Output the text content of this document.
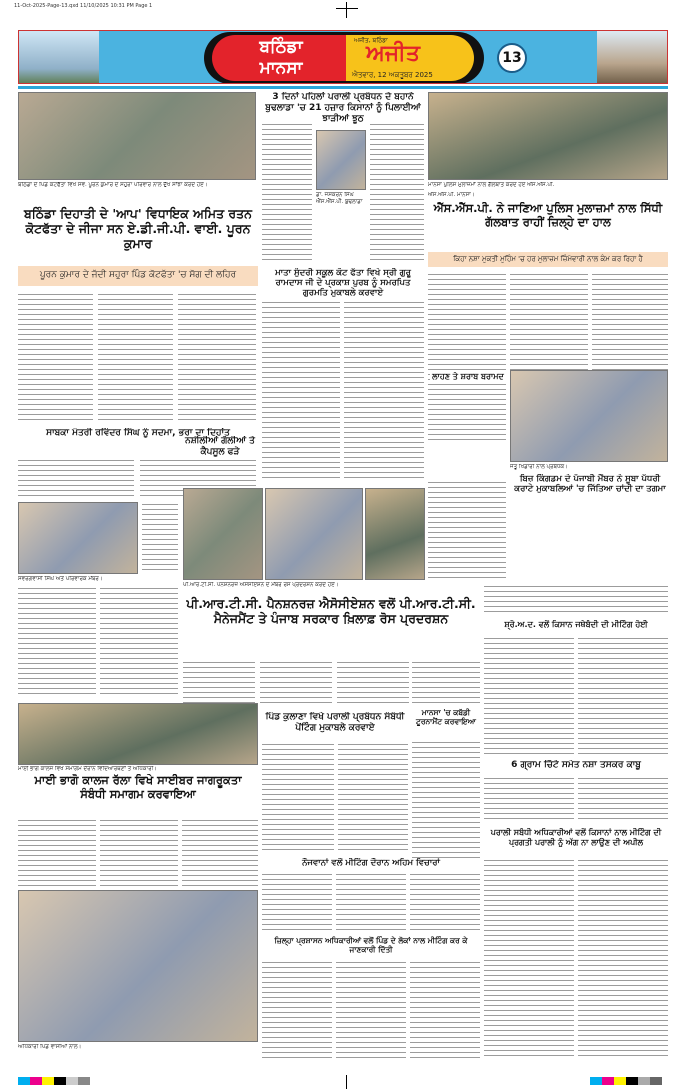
11-Oct-2025-Page-13.qxd 11/10/2025 10:31 PM Page 1
ਬਠਿੰਡਾ
ਮਾਨਸਾ
ਅਜੀਤ, ਬਠਿੰਡਾ
ਅਜੀਤ
ਐਤਵਾਰ, 12 ਅਕਤੂਬਰ 2025
13
ਬਠਿੰਡਾ ਦੇ ਪਿੰਡ ਕੋਟਫੱਤਾ ਵਿਖੇ ਸਵ. ਪੂਰਨ ਕੁਮਾਰ ਦੇ ਸਹੁਰਾ ਪਰਿਵਾਰ ਨਾਲ ਦੁੱਖ ਸਾਂਝਾ ਕਰਦੇ ਹੋਏ।
ਬਠਿੰਡਾ ਦਿਹਾਤੀ ਦੇ 'ਆਪ' ਵਿਧਾਇਕ ਅਮਿਤ ਰਤਨ ਕੋਟਫੱਤਾ ਦੇ ਜੀਜਾ ਸਨ ਏ.ਡੀ.ਜੀ.ਪੀ. ਵਾਈ. ਪੂਰਨ ਕੁਮਾਰ
ਪੂਰਨ ਕੁਮਾਰ ਦੇ ਜੱਦੀ ਸਹੁਰਾ ਪਿੰਡ ਕੋਟਫੱਤਾ 'ਚ ਸੋਗ ਦੀ ਲਹਿਰ
ਸਾਬਕਾ ਮੰਤਰੀ ਰਵਿੰਦਰ ਸਿੰਘ ਨੂੰ ਸਦਮਾ, ਭਰਾ ਦਾ ਦਿਹਾਂਤ
ਸਵਰਗਵਾਸੀ ਸਿੰਘ ਅਤੇ ਪਰਿਵਾਰਕ ਮੈਂਬਰ।
3 ਦਿਨਾਂ ਪਹਿਲਾਂ ਪਰਾਲੀ ਪ੍ਰਬੰਧਨ ਦੇ ਬਹਾਨੇ ਬੁਢਲਾਡਾ 'ਚ 21 ਹਜ਼ਾਰ ਕਿਸਾਨਾਂ ਨੂੰ ਪਿਲਾਈਆਂ ਝਾੜੀਆਂ ਝੂਠ
ਡਾ. ਜਸਕਰਨ ਸਿੰਘ ਐੱਸ.ਐੱਸ.ਪੀ. ਬੁਢਲਾਡਾ
ਮਾਤਾ ਸੁੰਦਰੀ ਸਕੂਲ ਕੋਟ ਫੱਤਾ ਵਿਖੇ ਸ੍ਰੀ ਗੁਰੂ ਰਾਮਦਾਸ ਜੀ ਦੇ ਪ੍ਰਕਾਸ਼ ਪੁਰਬ ਨੂੰ ਸਮਰਪਿਤ ਗੁਰਮਤਿ ਮੁਕਾਬਲੇ ਕਰਵਾਏ
ਨਸ਼ੀਲੀਆਂ ਗੋਲੀਆਂ ਤੇ ਕੈਪਸੂਲ ਫੜੇ
ਮਾਨਸਾ ਪੁਲਿਸ ਮੁਲਾਜ਼ਮਾਂ ਨਾਲ ਗੱਲਬਾਤ ਕਰਦੇ ਹੋਏ ਐੱਸ.ਐੱਸ.ਪੀ.
ਐੱਸ.ਐੱਸ.ਪੀ. ਮਾਨਸਾ।
ਐੱਸ.ਐੱਸ.ਪੀ. ਨੇ ਜਾਣਿਆ ਪੁਲਿਸ ਮੁਲਾਜ਼ਮਾਂ ਨਾਲ ਸਿੱਧੀ ਗੱਲਬਾਤ ਰਾਹੀਂ ਜ਼ਿਲ੍ਹੇ ਦਾ ਹਾਲ
ਕਿਹਾ ਨਸ਼ਾ ਮੁਕਤੀ ਮੁਹਿੰਮ 'ਚ ਹਰ ਮੁਲਾਜ਼ਮ ਜ਼ਿੰਮੇਵਾਰੀ ਨਾਲ ਕੰਮ ਕਰ ਰਿਹਾ ਹੈ
ਲਾਹਣ ਤੇ ਸ਼ਰਾਬ ਬਰਾਮਦ
ਜੇਤੂ ਖਿਡਾਰੀ ਨਾਲ ਪ੍ਰਬੰਧਕ।
ਬਿਜ਼ ਕਿੰਗਡਮ ਦੇ ਪੰਜਾਬੀ ਮੈਂਬਰ ਨੇ ਸੂਬਾ ਪੱਧਰੀ ਕਰਾਟੇ ਮੁਕਾਬਲਿਆਂ 'ਚ ਜਿੱਤਿਆ ਚਾਂਦੀ ਦਾ ਤਗਮਾ
ਪੀ.ਆਰ.ਟੀ.ਸੀ. ਪੈਨਸ਼ਨਰਜ਼ ਐਸੋਸੀਏਸ਼ਨ ਦੇ ਮੈਂਬਰ ਰੋਸ ਪ੍ਰਦਰਸ਼ਨ ਕਰਦੇ ਹੋਏ।
ਪੀ.ਆਰ.ਟੀ.ਸੀ. ਪੈਨਸ਼ਨਰਜ਼ ਐਸੋਸੀਏਸ਼ਨ ਵਲੋਂ ਪੀ.ਆਰ.ਟੀ.ਸੀ. ਮੈਨੇਜਮੈਂਟ ਤੇ ਪੰਜਾਬ ਸਰਕਾਰ ਖ਼ਿਲਾਫ਼ ਰੋਸ ਪ੍ਰਦਰਸ਼ਨ	ਸ਼੍ਰੋ.ਅ.ਦ. ਵਲੋਂ ਕਿਸਾਨ ਜਥੇਬੰਦੀ ਦੀ ਮੀਟਿੰਗ ਹੋਈ
ਮਾਨਸਾ 'ਚ ਕਬੱਡੀ ਟੂਰਨਾਮੈਂਟ ਕਰਵਾਇਆ
ਮਾਈ ਭਾਗੋ ਕਾਲਜ ਵਿਖੇ ਸਮਾਗਮ ਦੌਰਾਨ ਵਿਦਿਆਰਥਣਾਂ ਤੇ ਅਧਿਕਾਰੀ।
ਮਾਈ ਭਾਗੋ ਕਾਲਜ ਰੱਲਾ ਵਿਖੇ ਸਾਈਬਰ ਜਾਗਰੂਕਤਾ ਸੰਬੰਧੀ ਸਮਾਗਮ ਕਰਵਾਇਆ
ਪਿੰਡ ਕੁਲਾਣਾ ਵਿਖੇ ਪਰਾਲੀ ਪ੍ਰਬੰਧਨ ਸੰਬੰਧੀ ਪੇਂਟਿੰਗ ਮੁਕਾਬਲੇ ਕਰਵਾਏ
ਨੌਜਵਾਨਾਂ ਵਲੋਂ ਮੀਟਿੰਗ ਦੌਰਾਨ ਅਹਿਮ ਵਿਚਾਰਾਂ
6 ਗ੍ਰਾਮ ਚਿੱਟੇ ਸਮੇਤ ਨਸ਼ਾ ਤਸਕਰ ਕਾਬੂ
ਪਰਾਲੀ ਸਬੰਧੀ ਅਧਿਕਾਰੀਆਂ ਵਲੋਂ ਕਿਸਾਨਾਂ ਨਾਲ ਮੀਟਿੰਗ ਦੀ ਪ੍ਰਗਤੀ ਪਰਾਲੀ ਨੂੰ ਅੱਗ ਨਾ ਲਾਉਣ ਦੀ ਅਪੀਲ
ਅਧਿਕਾਰੀ ਪਿੰਡ ਵਾਸੀਆਂ ਨਾਲ।
ਜ਼ਿਲ੍ਹਾ ਪ੍ਰਸ਼ਾਸਨ ਅਧਿਕਾਰੀਆਂ ਵਲੋਂ ਪਿੰਡ ਦੇ ਲੋਕਾਂ ਨਾਲ ਮੀਟਿੰਗ ਕਰ ਕੇ ਜਾਣਕਾਰੀ ਦਿੱਤੀ
